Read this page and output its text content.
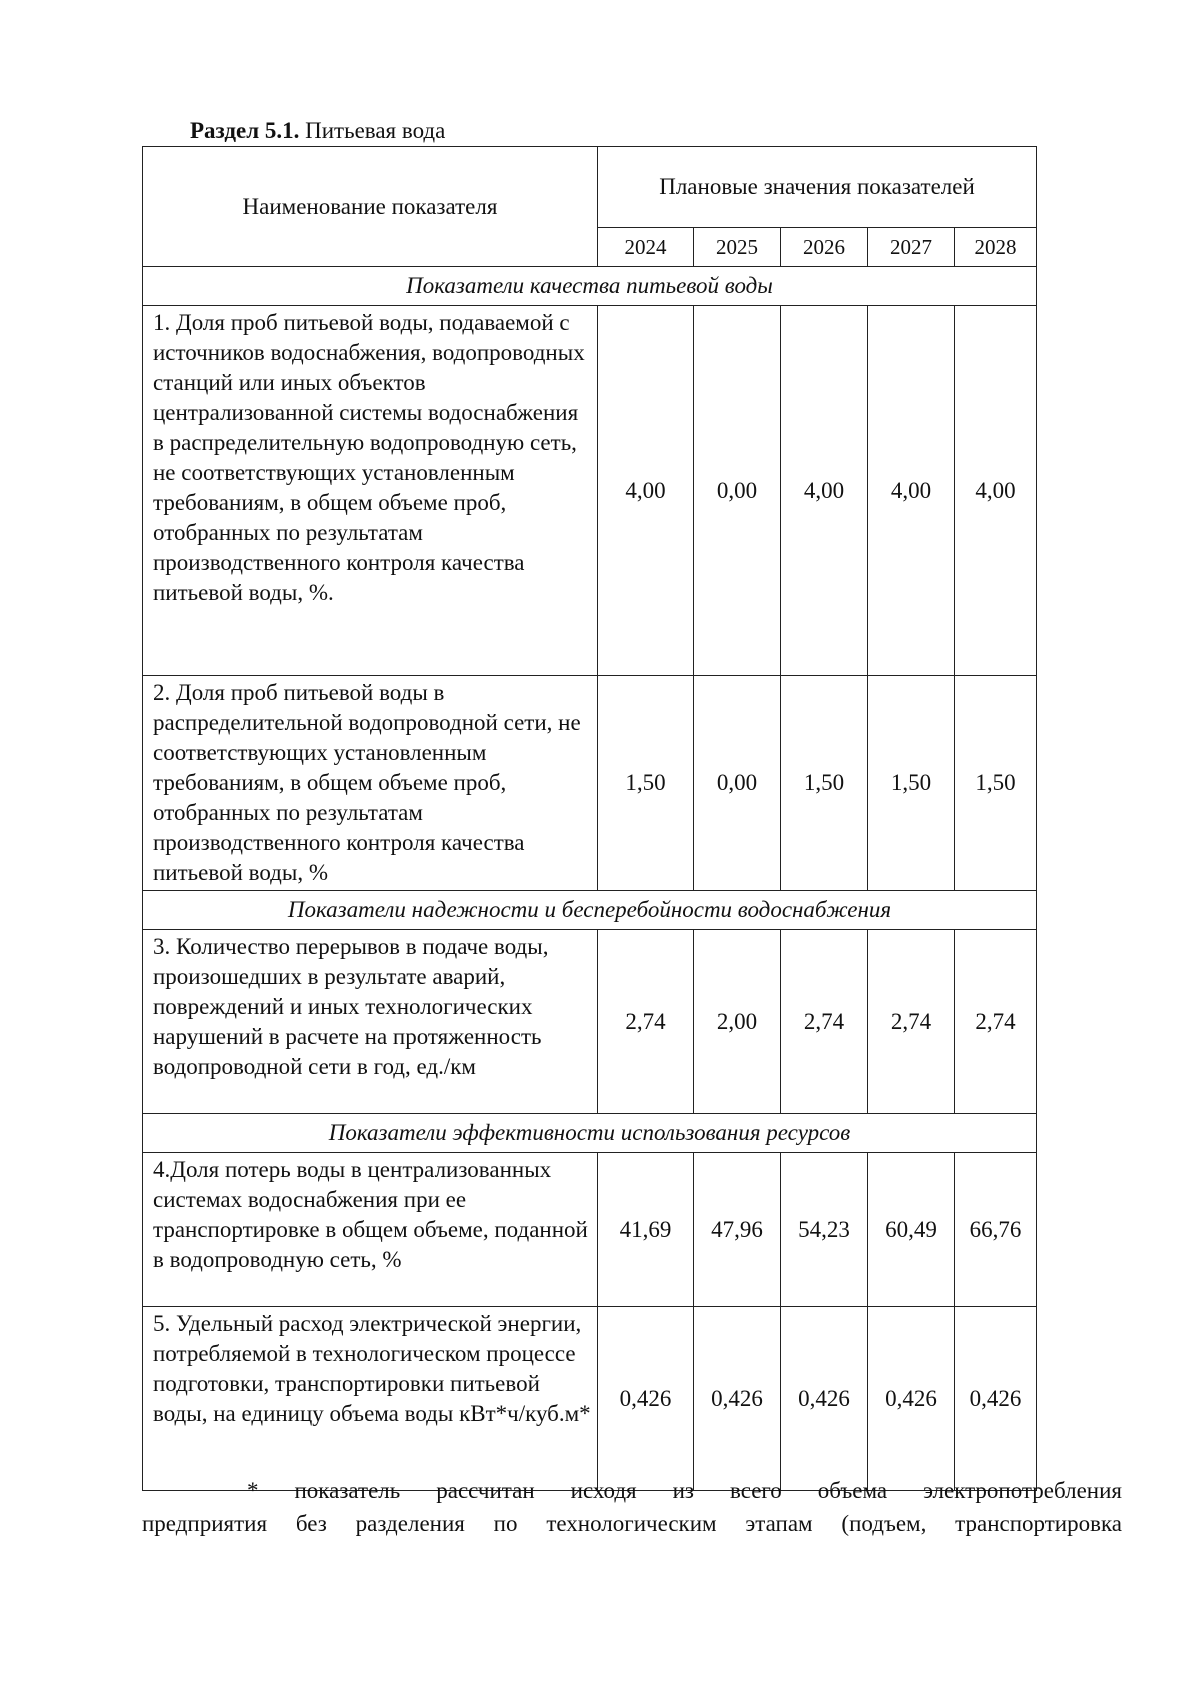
Раздел 5.1. Питьевая вода
Наименование показателя	Плановые значения показателей				
	2024	2025	2026	2027	2028
Показатели качества питьевой воды					
1. Доля проб питьевой воды, подаваемой с источников водоснабжения, водопроводных станций или иных объектов централизованной системы водоснабжения в распределительную водопроводную сеть, не соответствующих установленным требованиям, в общем объеме проб, отобранных по результатам производственного контроля качества питьевой воды, %.	4,00	0,00	4,00	4,00	4,00
2. Доля проб питьевой воды в распределительной водопроводной сети, не соответствующих установленным требованиям, в общем объеме проб, отобранных по результатам производственного контроля качества питьевой воды, %	1,50	0,00	1,50	1,50	1,50
Показатели надежности и бесперебойности водоснабжения					
3. Количество перерывов в подаче воды, произошедших в результате аварий, повреждений и иных технологических нарушений в расчете на протяженность водопроводной сети в год, ед./км	2,74	2,00	2,74	2,74	2,74
Показатели эффективности использования ресурсов					
4.Доля потерь воды в централизованных системах водоснабжения при ее транспортировке в общем объеме, поданной в водопроводную сеть, %	41,69	47,96	54,23	60,49	66,76
5. Удельный расход электрической энергии, потребляемой в технологическом процессе подготовки, транспортировки питьевой воды, на единицу объема воды кВт*ч/куб.м*	0,426	0,426	0,426	0,426	0,426
* показатель рассчитан исходя из всего объема электропотребления
предприятия без разделения по технологическим этапам (подъем, транспортировка
